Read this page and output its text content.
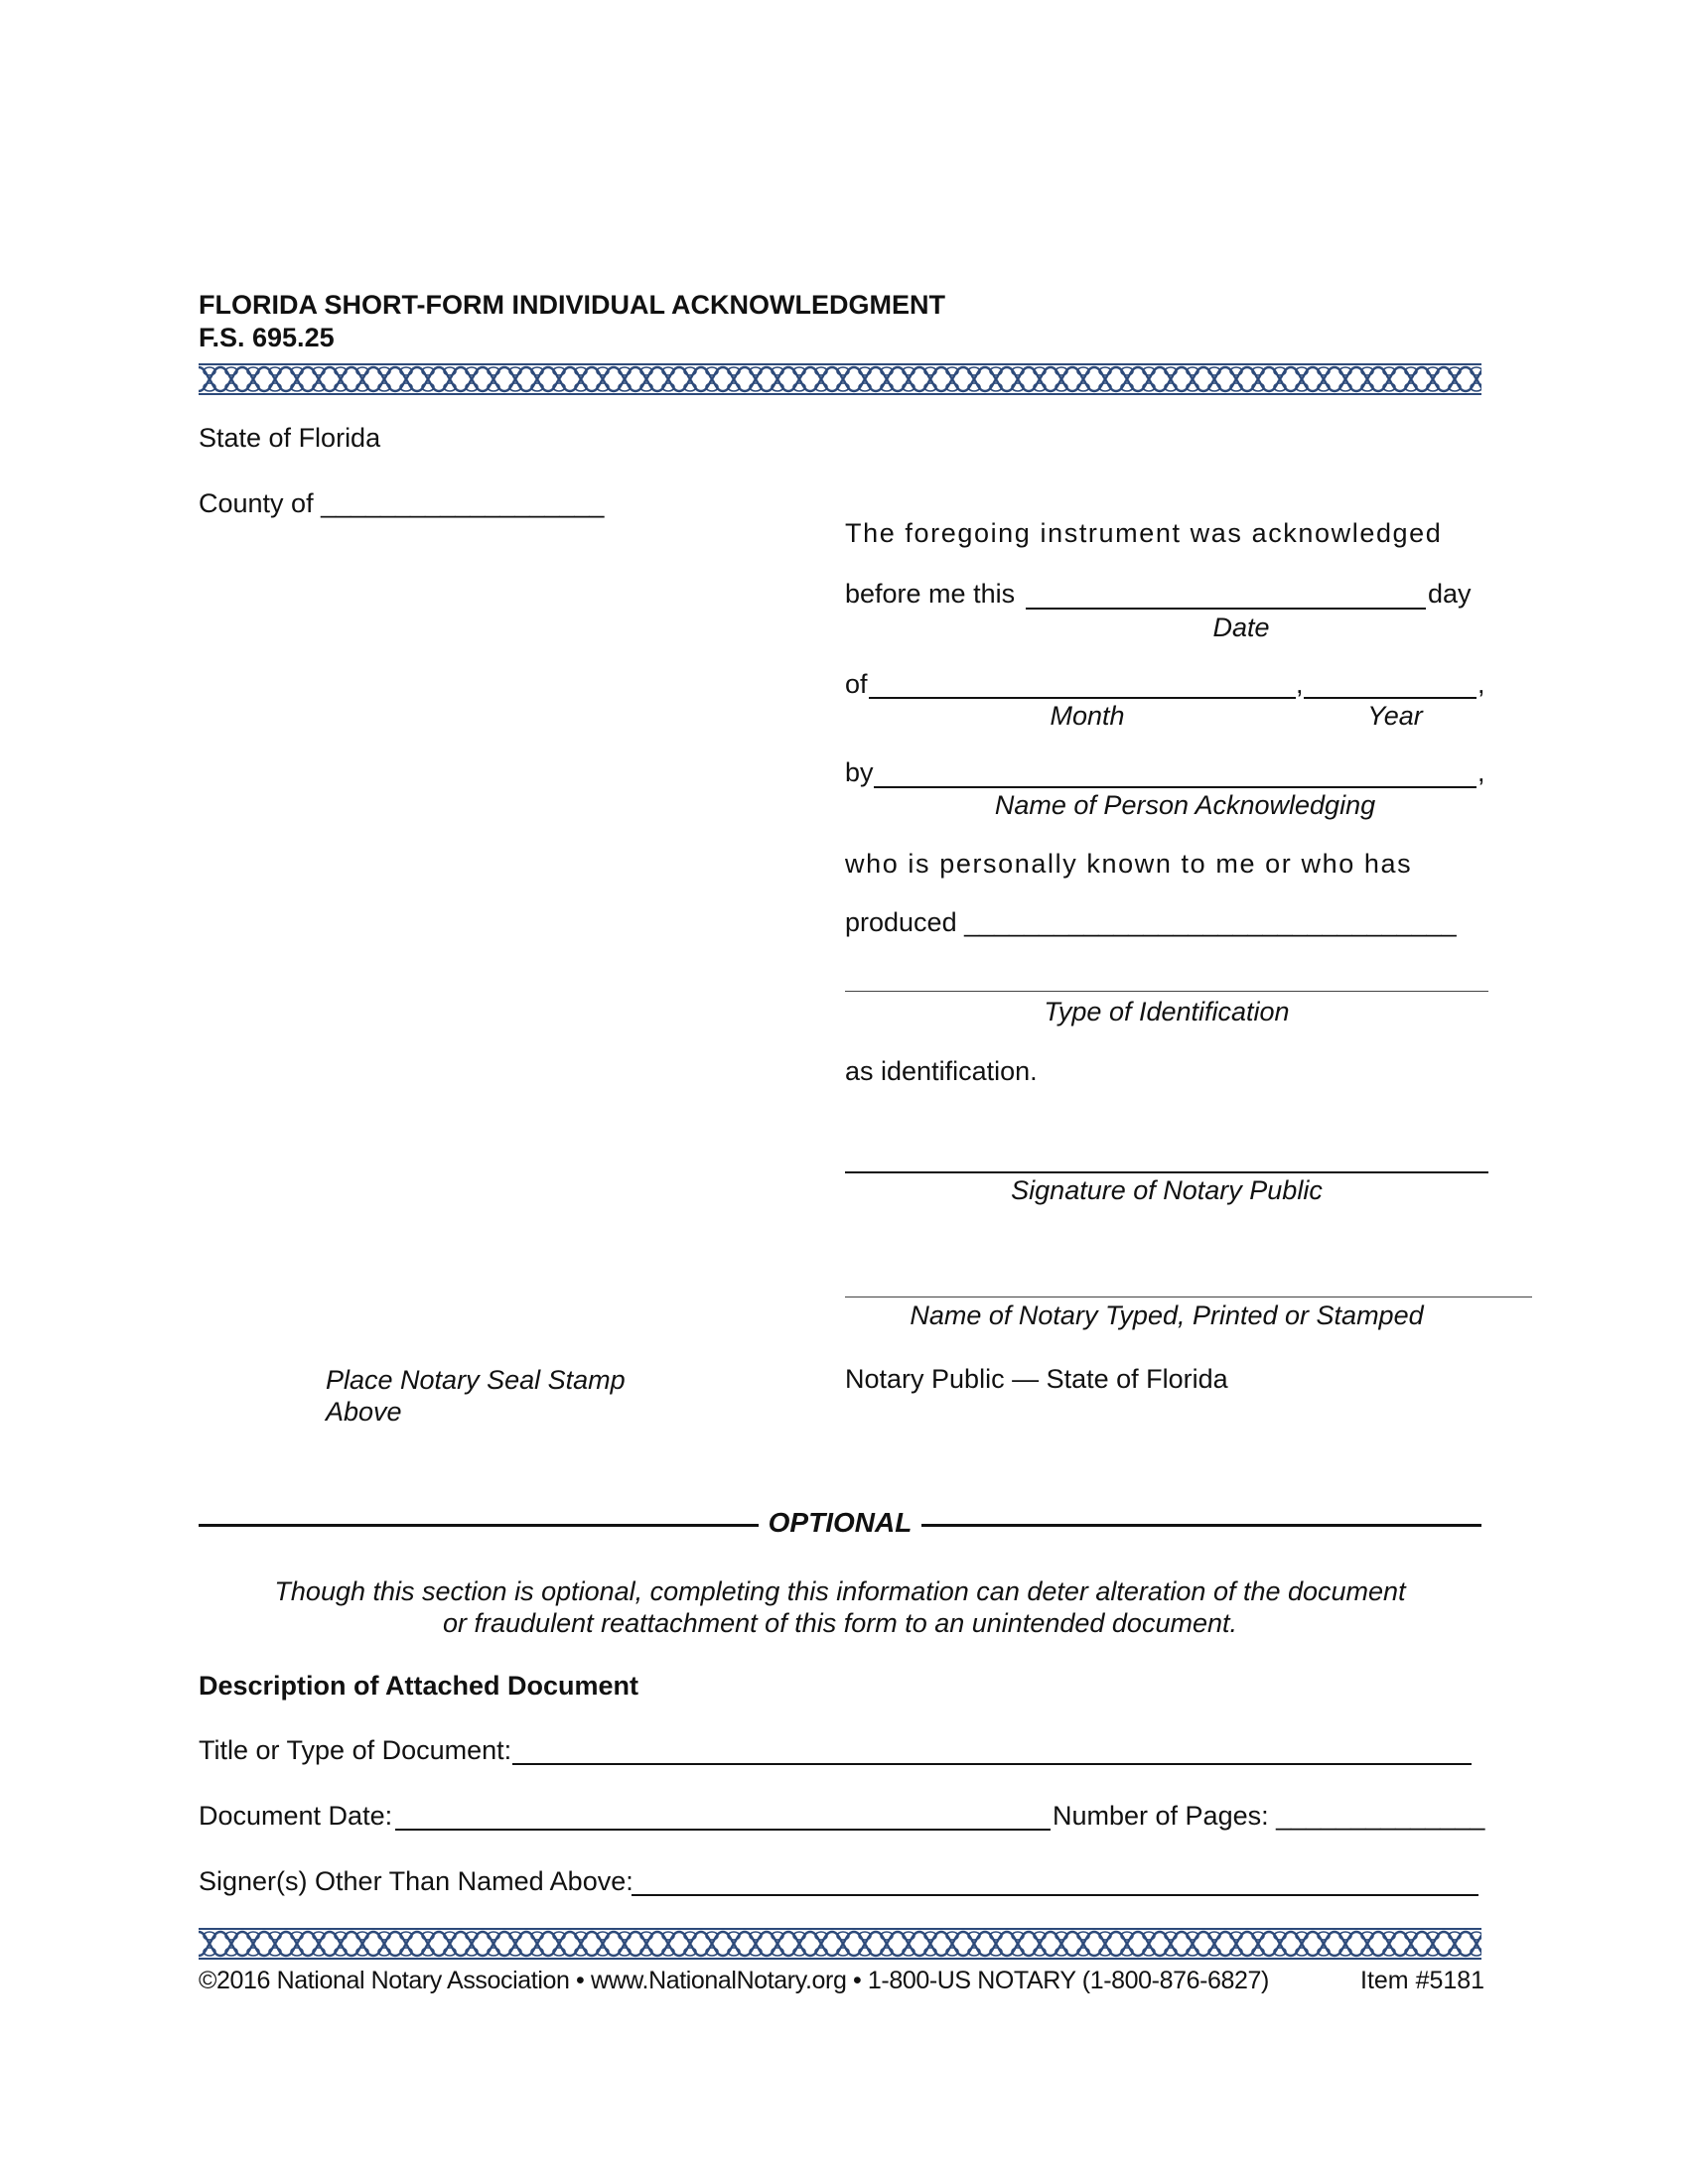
FLORIDA SHORT-FORM INDIVIDUAL ACKNOWLEDGMENT
F.S. 695.25
State of Florida
County of ___________________
The foregoing instrument was acknowledged
before me this	day
Date
of	,	,
Month	Year
by	,
Name of Person Acknowledging
who is personally known to me or who has
produced _________________________________
Type of Identification
as identification.
Signature of Notary Public
Name of Notary Typed, Printed or Stamped
Notary Public — State of Florida
Place Notary Seal Stamp
Above
OPTIONAL
Though this section is optional, completing this information can deter alteration of the document
or fraudulent reattachment of this form to an unintended document.
Description of Attached Document
Title or Type of Document:
Document Date:	Number of Pages: ______________
Signer(s) Other Than Named Above:
©2016 National Notary Association • www.NationalNotary.org • 1-800-US NOTARY (1-800-876-6827)	Item #5181
